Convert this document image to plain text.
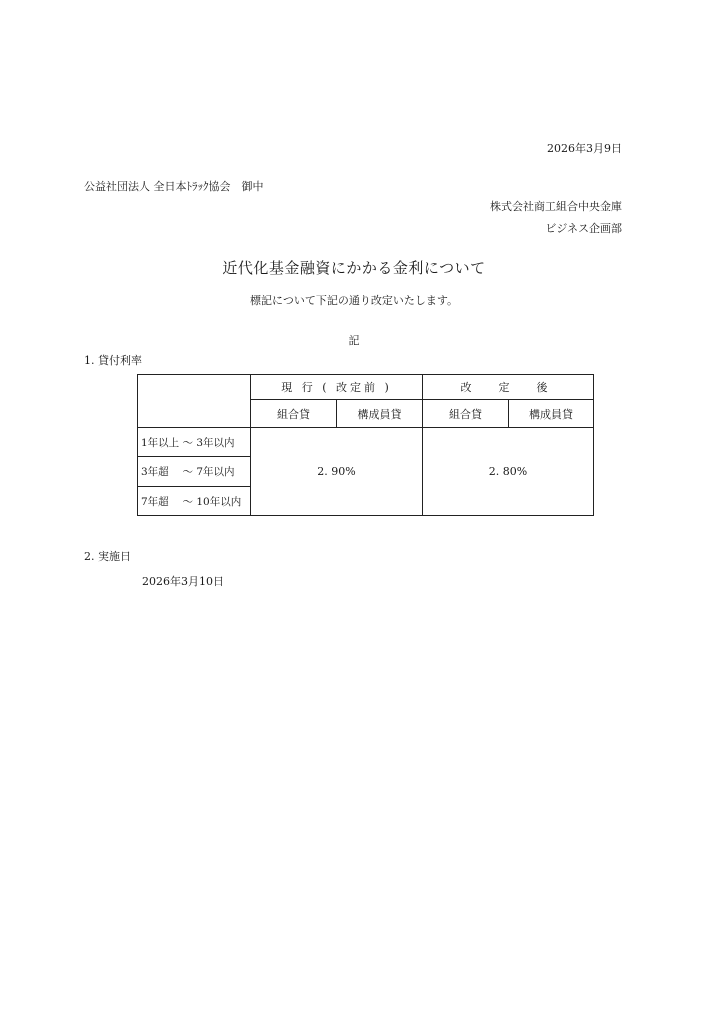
2026年3月9日
公益社団法人 全日本ﾄﾗｯｸ協会　御中
株式会社商工組合中央金庫
ビジネス企画部
近代化基金融資にかかる金利について
標記について下記の通り改定いたします。
記
1. 貸付利率
	現 行 ( 改定前 )		改　定　後	
	組合貸	構成員貸	組合貸	構成員貸
1年以上 ～ 3年以内	2. 90%		2. 80%	
3年超　 ～ 7年以内				
7年超　 ～ 10年以内				
2. 実施日
2026年3月10日
